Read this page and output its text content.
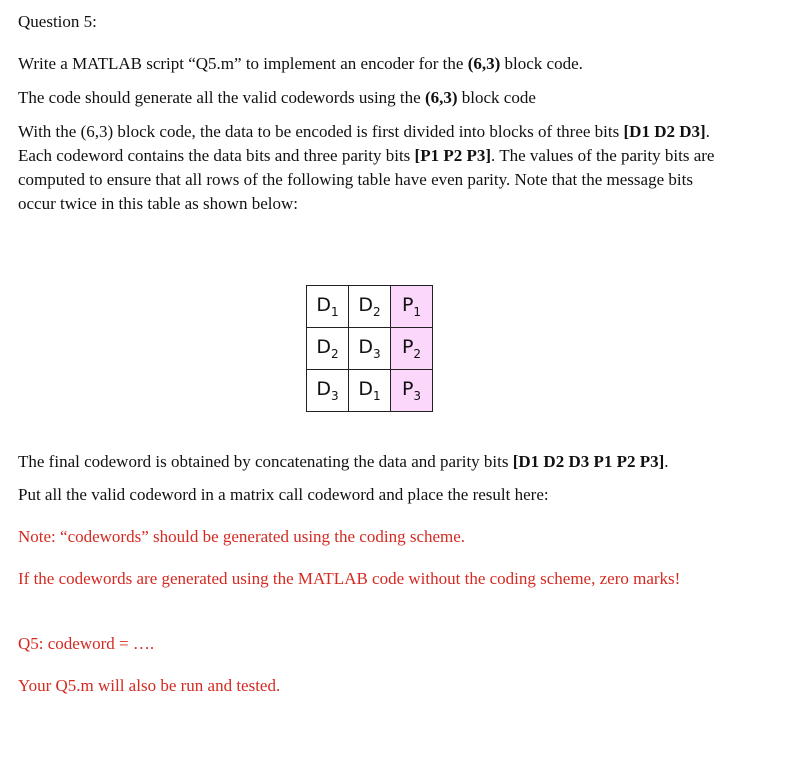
Question 5:

Write a MATLAB script “Q5.m” to implement an encoder for the (6,3) block code.

The code should generate all the valid codewords using the (6,3) block code

With the (6,3) block code, the data to be encoded is first divided into blocks of three bits [D1 D2 D3]. Each codeword contains the data bits and three parity bits [P1 P2 P3]. The values of the parity bits are computed to ensure that all rows of the following table have even parity. Note that the message bits occur twice in this table as shown below:

$D_1$	$D_2$	$P_1$
$D_2$	$D_3$	$P_2$
$D_3$	$D_1$	$P_3$

The final codeword is obtained by concatenating the data and parity bits [D1 D2 D3 P1 P2 P3].

Put all the valid codeword in a matrix call codeword and place the result here:

Note: “codewords” should be generated using the coding scheme.

If the codewords are generated using the MATLAB code without the coding scheme, zero marks!

Q5: codeword = ….

Your Q5.m will also be run and tested.
